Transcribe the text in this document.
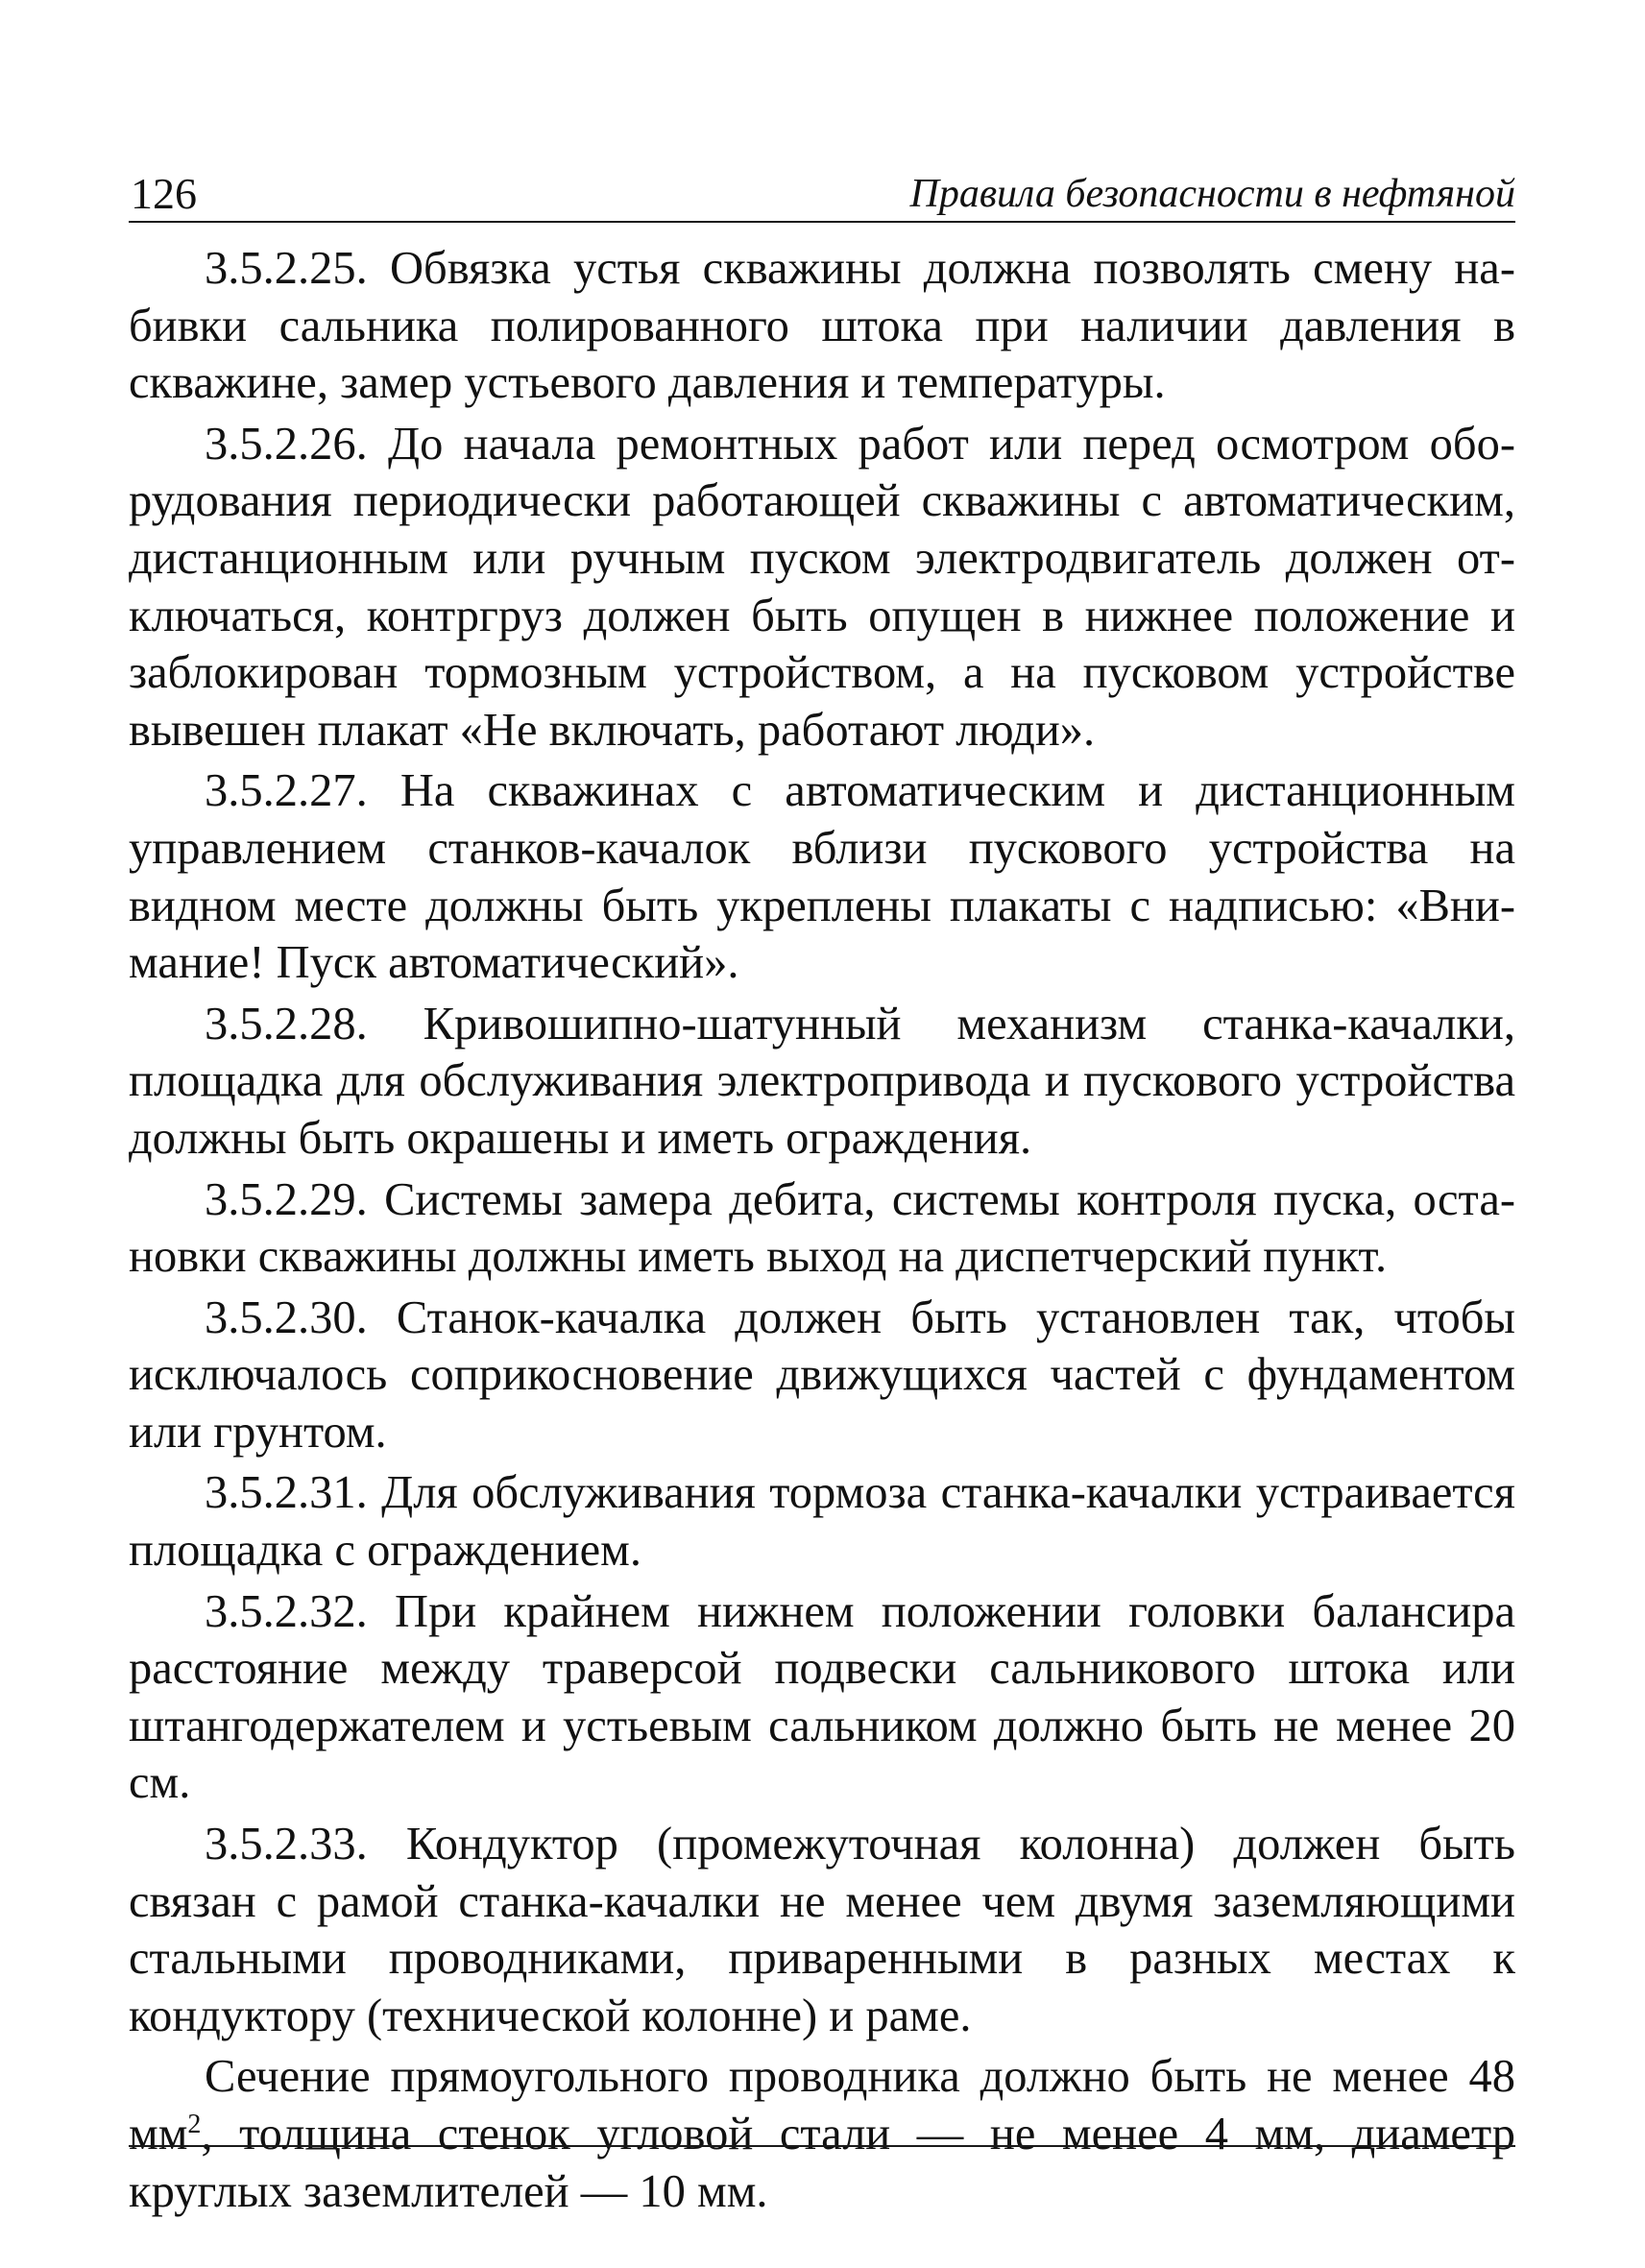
126	Правила безопасности в нефтяной

3.5.2.25. Обвязка устья скважины должна позволять смену набивки сальника полированного штока при наличии давления в скважине, замер устьевого давления и температуры.

3.5.2.26. До начала ремонтных работ или перед осмотром оборудования периодически работающей скважины с автоматическим, дистанционным или ручным пуском электродвигатель должен отключаться, контргруз должен быть опущен в нижнее положение и заблокирован тормозным устройством, а на пусковом устройстве вывешен плакат «Не включать, работают люди».

3.5.2.27. На скважинах с автоматическим и дистанционным управлением станков-качалок вблизи пускового устройства на видном месте должны быть укреплены плакаты с надписью: «Внимание! Пуск автоматический».

3.5.2.28. Кривошипно-шатунный механизм станка-качалки, площадка для обслуживания электропривода и пускового устройства должны быть окрашены и иметь ограждения.

3.5.2.29. Системы замера дебита, системы контроля пуска, остановки скважины должны иметь выход на диспетчерский пункт.

3.5.2.30. Станок-качалка должен быть установлен так, чтобы исключалось соприкосновение движущихся частей с фундаментом или грунтом.

3.5.2.31. Для обслуживания тормоза станка-качалки устраивается площадка с ограждением.

3.5.2.32. При крайнем нижнем положении головки балансира расстояние между траверсой подвески сальникового штока или штангодержателем и устьевым сальником должно быть не менее 20 см.

3.5.2.33. Кондуктор (промежуточная колонна) должен быть связан с рамой станка-качалки не менее чем двумя заземляющими стальными проводниками, приваренными в разных местах к кондуктору (технической колонне) и раме.

Сечение прямоугольного проводника должно быть не менее 48 $мм^2$, толщина стенок угловой стали — не менее 4 мм, диаметр круглых заземлителей — 10 мм.
